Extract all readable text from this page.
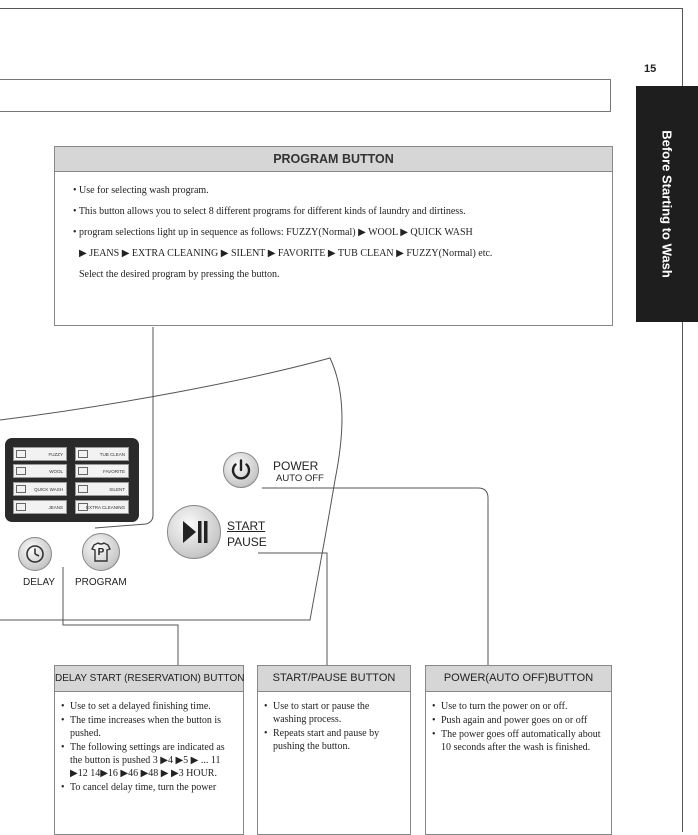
15
Before Starting to Wash
PROGRAM BUTTON
• Use for selecting wash program.
• This button allows you to select 8 different programs for different kinds of laundry and dirtiness.
• program selections light up in sequence as follows: FUZZY(Normal) ▶ WOOL ▶ QUICK WASH
▶ JEANS ▶ EXTRA CLEANING ▶ SILENT ▶ FAVORITE ▶ TUB CLEAN ▶ FUZZY(Normal) etc.
Select the desired program by pressing the button.
FUZZY	TUB CLEAN
WOOL	FAVORITE
QUICK WASH	SILENT
JEANS	EXTRA CLEANING
POWER
AUTO OFF
START
PAUSE
DELAY
P
PROGRAM
DELAY START (RESERVATION) BUTTON
• Use to set a delayed finishing time.
• The time increases when the button is pushed.
• The following settings are indicated as the button is pushed 3 ▶4 ▶5 ▶ ... 11 ▶12 14▶16 ▶46 ▶48 ▶ ▶3 HOUR.
• To cancel delay time, turn the power
START/PAUSE BUTTON
• Use to start or pause the washing process.
• Repeats start and pause by pushing the button.
POWER(AUTO OFF)BUTTON
• Use to turn the power on or off.
• Push again and power goes on or off
• The power goes off automatically about 10 seconds after the wash is finished.
